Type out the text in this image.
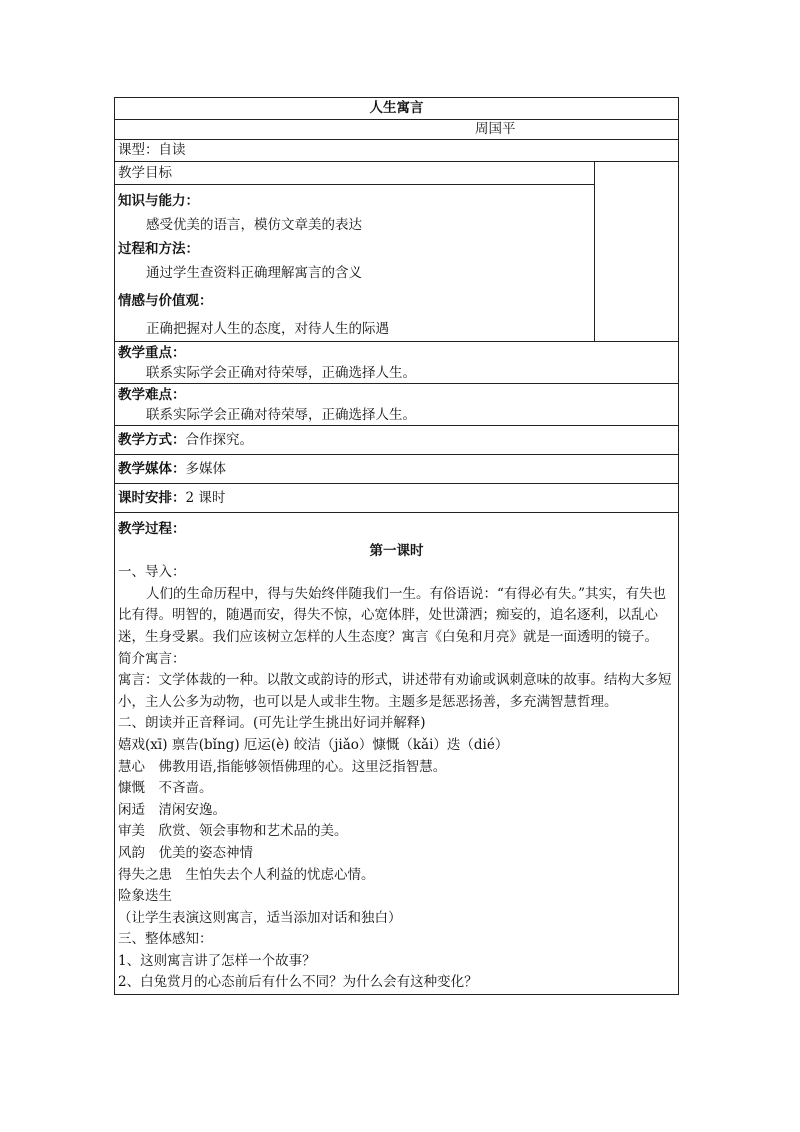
人生寓言
周国平
课型：自读
教学目标	

知识与能力：
感受优美的语言，模仿文章美的表达
过程和方法：
通过学生查资料正确理解寓言的含义
情感与价值观：
正确把握对人生的态度，对待人生的际遇

教学重点：
联系实际学会正确对待荣辱，正确选择人生。

教学难点：
联系实际学会正确对待荣辱，正确选择人生。

教学方式：合作探究。
教学媒体：多媒体
课时安排：2 课时

教学过程：
第一课时
一、导入：
人们的生命历程中，得与失始终伴随我们一生。有俗语说：“有得必有失。”其实，有失也比有得。明智的，随遇而安，得失不惊，心宽体胖，处世潇洒；痴妄的，追名逐利，以乱心迷，生身受累。我们应该树立怎样的人生态度？寓言《白兔和月亮》就是一面透明的镜子。
简介寓言：
寓言：文学体裁的一种。以散文或韵诗的形式，讲述带有劝谕或讽刺意味的故事。结构大多短小，主人公多为动物，也可以是人或非生物。主题多是惩恶扬善，多充满智慧哲理。
二、朗读并正音释词。(可先让学生挑出好词并解释)
嬉戏(xī) 禀告(bǐng) 厄运(è) 皎洁（jiǎo）慷慨（kǎi）迭（dié）
慧心　佛教用语,指能够领悟佛理的心。这里泛指智慧。
慷慨　不吝啬。
闲适　清闲安逸。
审美　欣赏、领会事物和艺术品的美。
风韵　优美的姿态神情
得失之患　生怕失去个人利益的忧虑心情。
险象迭生
（让学生表演这则寓言，适当添加对话和独白）
三、整体感知：
1、这则寓言讲了怎样一个故事？
2、白兔赏月的心态前后有什么不同？为什么会有这种变化？
